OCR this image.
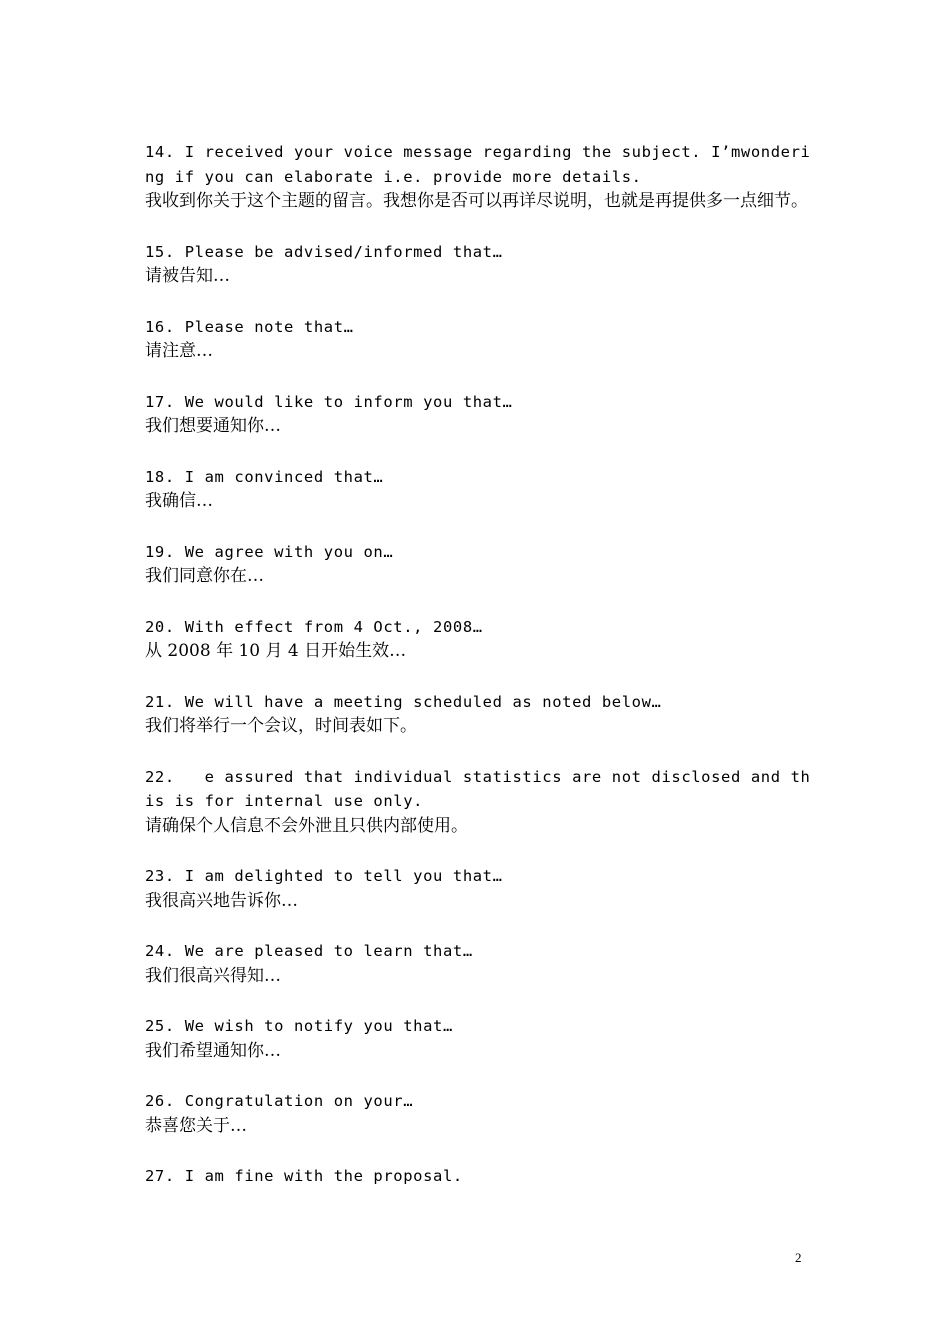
14. I received your voice message regarding the subject. I’mwondering if you can elaborate i.e. provide more details.

我收到你关于这个主题的留言。我想你是否可以再详尽说明，也就是再提供多一点细节。

15. Please be advised/informed that…

请被告知…

16. Please note that…

请注意…

17. We would like to inform you that…

我们想要通知你…

18. I am convinced that…

我确信…

19. We agree with you on…

我们同意你在…

20. With effect from 4 Oct., 2008…

从 2008 年 10 月 4 日开始生效…

21. We will have a meeting scheduled as noted below…

我们将举行一个会议，时间表如下。

22.   e assured that individual statistics are not disclosed and this is for internal use only.

请确保个人信息不会外泄且只供内部使用。

23. I am delighted to tell you that…

我很高兴地告诉你…

24. We are pleased to learn that…

我们很高兴得知…

25. We wish to notify you that…

我们希望通知你…

26. Congratulation on your…

恭喜您关于…

27. I am fine with the proposal.

2
